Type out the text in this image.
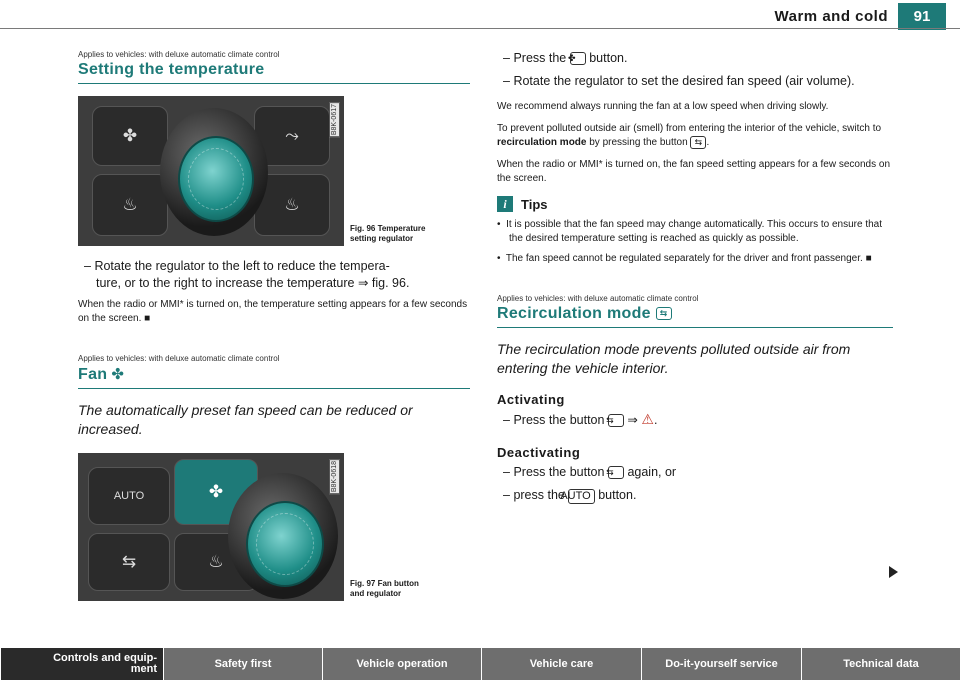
Warm and cold	91
Applies to vehicles: with deluxe automatic climate control
Setting the temperature
✤
♨
⤳
♨
B8K-0617
Fig. 96 Temperature
setting regulator
– Rotate the regulator to the left to reduce the tempera-
ture, or to the right to increase the temperature ⇒ fig. 96.
When the radio or MMI* is turned on, the temperature setting appears for a few seconds on the screen. ■
Applies to vehicles: with deluxe automatic climate control
Fan ✤
The automatically preset fan speed can be reduced or increased.
AUTO	✤
⇆	♨
B8K-0618
Fig. 97 Fan button
and regulator
– Press the ✤ button.
– Rotate the regulator to set the desired fan speed (air volume).
We recommend always running the fan at a low speed when driving slowly.
To prevent polluted outside air (smell) from entering the interior of the vehicle, switch to recirculation mode by pressing the button ⇆ .
When the radio or MMI* is turned on, the fan speed setting appears for a few seconds on the screen.
i	Tips
•  It is possible that the fan speed may change automatically. This occurs to ensure that the desired temperature setting is reached as quickly as possible.
•  The fan speed cannot be regulated separately for the driver and front passenger. ■
Applies to vehicles: with deluxe automatic climate control
Recirculation mode ⇆
The recirculation mode prevents polluted outside air from entering the vehicle interior.
Activating
– Press the button ⇆ ⇒ ⚠.
Deactivating
– Press the button ⇆ again, or
– press the AUTO button.
Controls and equip-
ment	Safety first	Vehicle operation	Vehicle care	Do-it-yourself service	Technical data
